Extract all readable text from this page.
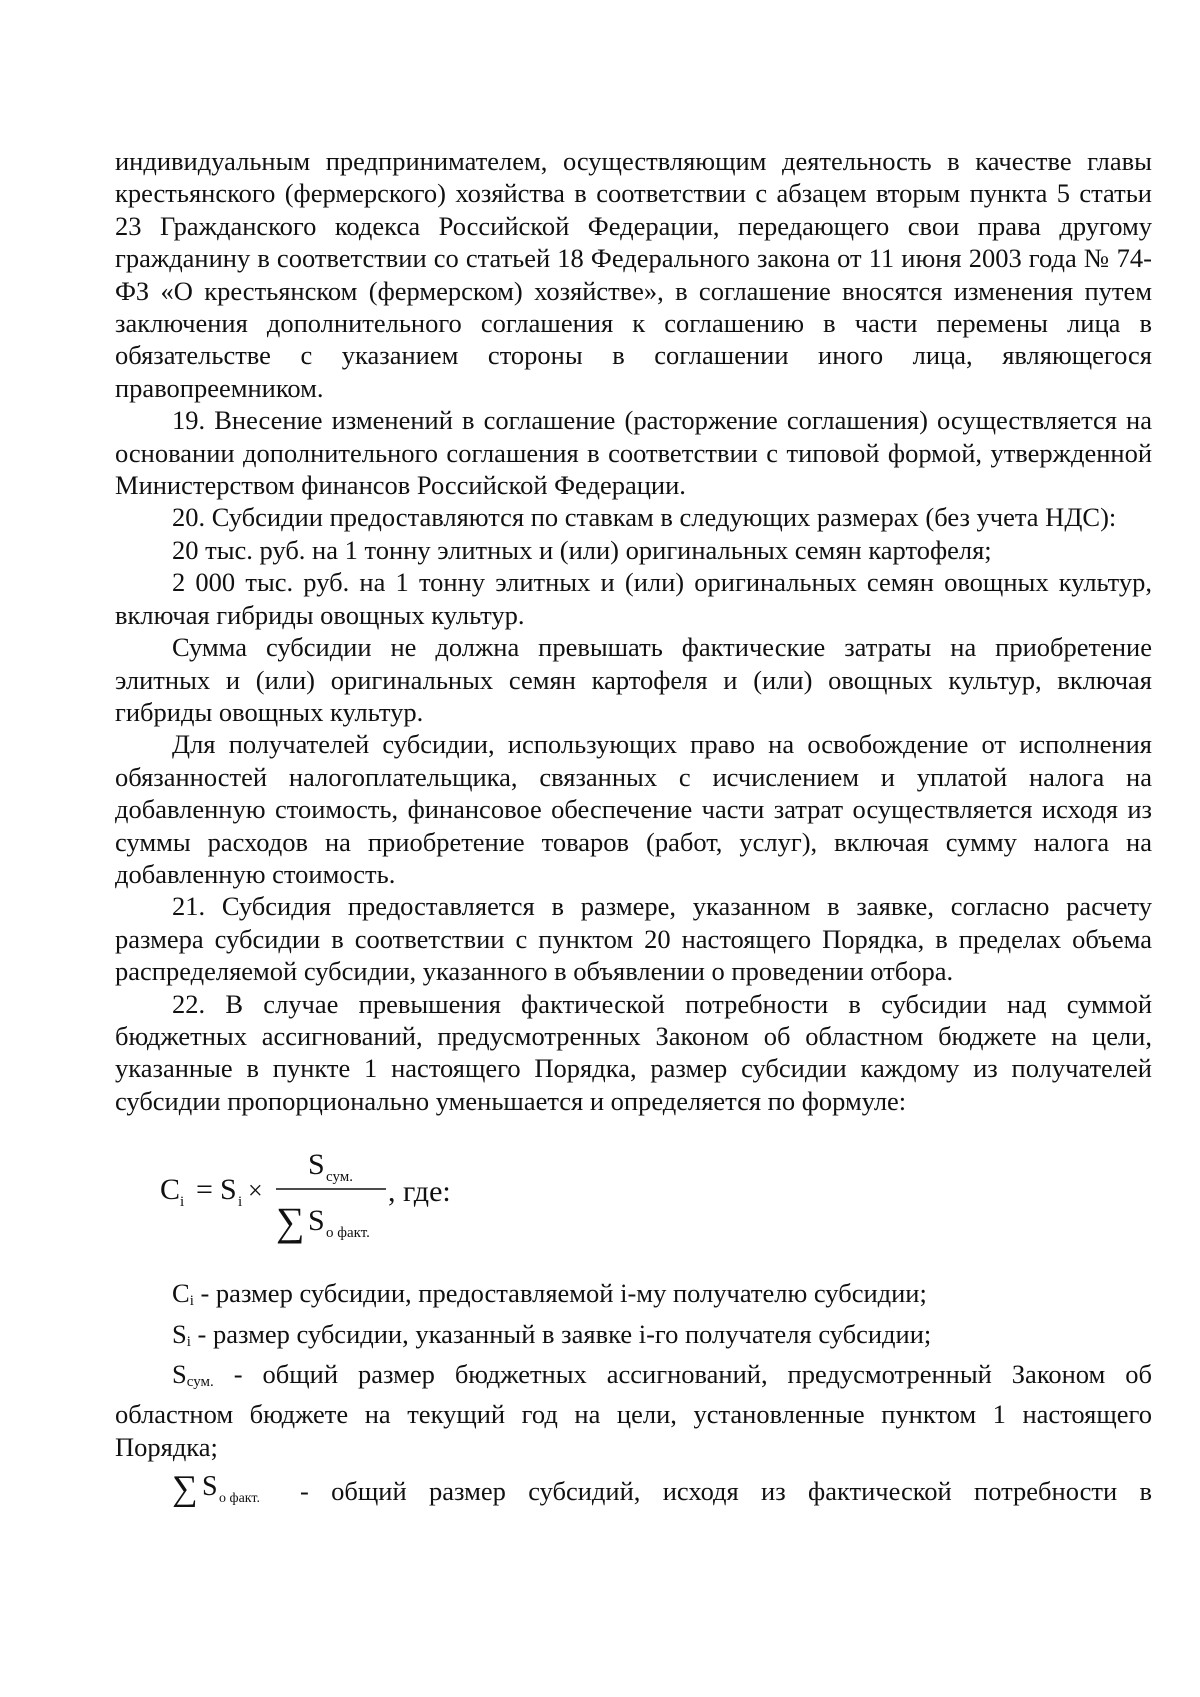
индивидуальным предпринимателем, осуществляющим деятельность в качестве главы крестьянского (фермерского) хозяйства в соответствии с абзацем вторым пункта 5 статьи 23 Гражданского кодекса Российской Федерации, передающего свои права другому гражданину в соответствии со статьей 18 Федерального закона от 11 июня 2003 года № 74-ФЗ «О крестьянском (фермерском) хозяйстве», в соглашение вносятся изменения путем заключения дополнительного соглашения к соглашению в части перемены лица в обязательстве с указанием стороны в соглашении иного лица, являющегося правопреемником.

19. Внесение изменений в соглашение (расторжение соглашения) осуществляется на основании дополнительного соглашения в соответствии с типовой формой, утвержденной Министерством финансов Российской Федерации.

20. Субсидии предоставляются по ставкам в следующих размерах (без учета НДС):

20 тыс. руб. на 1 тонну элитных и (или) оригинальных семян картофеля;

2 000 тыс. руб. на 1 тонну элитных и (или) оригинальных семян овощных культур, включая гибриды овощных культур.

Сумма субсидии не должна превышать фактические затраты на приобретение элитных и (или) оригинальных семян картофеля и (или) овощных культур, включая гибриды овощных культур.

Для получателей субсидии, использующих право на освобождение от исполнения обязанностей налогоплательщика, связанных с исчислением и уплатой налога на добавленную стоимость, финансовое обеспечение части затрат осуществляется исходя из суммы расходов на приобретение товаров (работ, услуг), включая сумму налога на добавленную стоимость.

21. Субсидия предоставляется в размере, указанном в заявке, согласно расчету размера субсидии в соответствии с пунктом 20 настоящего Порядка, в пределах объема распределяемой субсидии, указанного в объявлении о проведении отбора.

22. В случае превышения фактической потребности в субсидии над суммой бюджетных ассигнований, предусмотренных Законом об областном бюджете на цели, указанные в пункте 1 настоящего Порядка, размер субсидии каждому из получателей субсидии пропорционально уменьшается и определяется по формуле:

C i = S i ×
S сум.
∑ S о факт.
, где:

$C_i$ - размер субсидии, предоставляемой i-му получателю субсидии;

$S_i$ - размер субсидии, указанный в заявке i-го получателя субсидии;

$S_{сум.}$ - общий размер бюджетных ассигнований, предусмотренный Законом об областном бюджете на текущий год на цели, установленные пунктом 1 настоящего Порядка;

∑ S о факт. - общий размер субсидий, исходя из фактической потребности в
